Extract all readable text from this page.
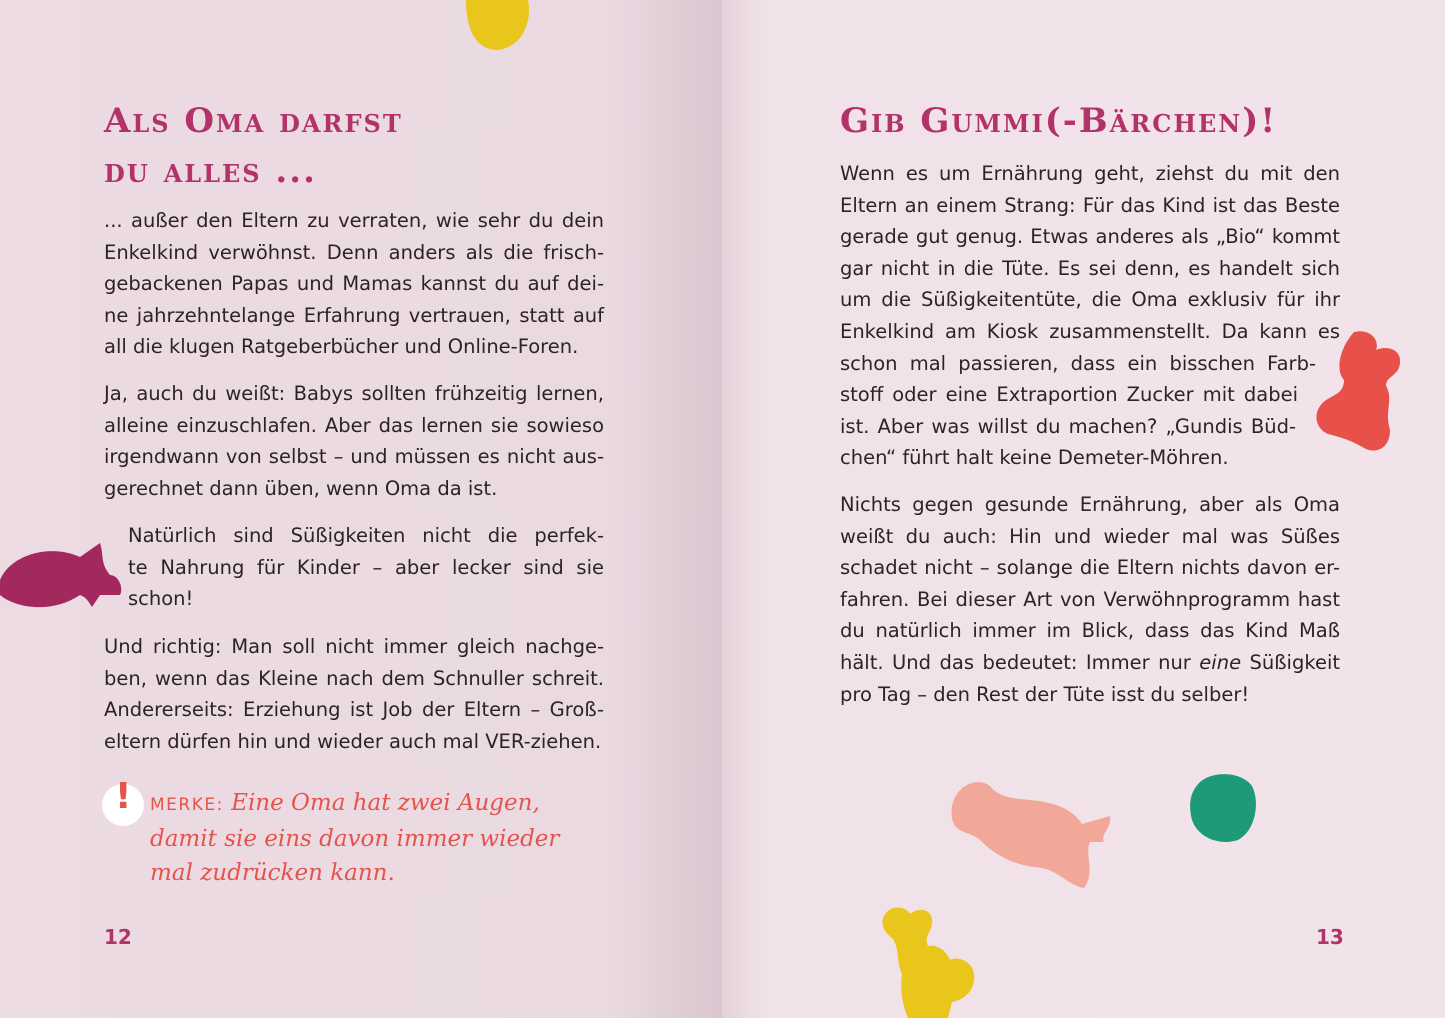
Als Oma darfst
du alles ...
... außer den Eltern zu verraten, wie sehr du dein
Enkelkind verwöhnst. Denn anders als die frisch-
gebackenen Papas und Mamas kannst du auf dei-
ne jahrzehntelange Erfahrung vertrauen, statt auf
all die klugen Ratgeberbücher und Online-Foren.
Ja, auch du weißt: Babys sollten frühzeitig lernen,
alleine einzuschlafen. Aber das lernen sie sowieso
irgendwann von selbst – und müssen es nicht aus-
gerechnet dann üben, wenn Oma da ist.
Natürlich sind Süßigkeiten nicht die perfek-
te Nahrung für Kinder – aber lecker sind sie
schon!
Und richtig: Man soll nicht immer gleich nachge-
ben, wenn das Kleine nach dem Schnuller schreit.
Andererseits: Erziehung ist Job der Eltern – Groß-
eltern dürfen hin und wieder auch mal VER-ziehen.
! MERKE: Eine Oma hat zwei Augen,
damit sie eins davon immer wieder
mal zudrücken kann.
12
Gib Gummi(-Bärchen)!
Wenn es um Ernährung geht, ziehst du mit den
Eltern an einem Strang: Für das Kind ist das Beste
gerade gut genug. Etwas anderes als „Bio“ kommt
gar nicht in die Tüte. Es sei denn, es handelt sich
um die Süßigkeitentüte, die Oma exklusiv für ihr
Enkelkind am Kiosk zusammenstellt. Da kann es
schon mal passieren, dass ein bisschen Farb-
stoff oder eine Extraportion Zucker mit dabei
ist. Aber was willst du machen? „Gundis Büd-
chen“ führt halt keine Demeter-Möhren.
Nichts gegen gesunde Ernährung, aber als Oma
weißt du auch: Hin und wieder mal was Süßes
schadet nicht – solange die Eltern nichts davon er-
fahren. Bei dieser Art von Verwöhnprogramm hast
du natürlich immer im Blick, dass das Kind Maß
hält. Und das bedeutet: Immer nur eine Süßigkeit
pro Tag – den Rest der Tüte isst du selber!
13
